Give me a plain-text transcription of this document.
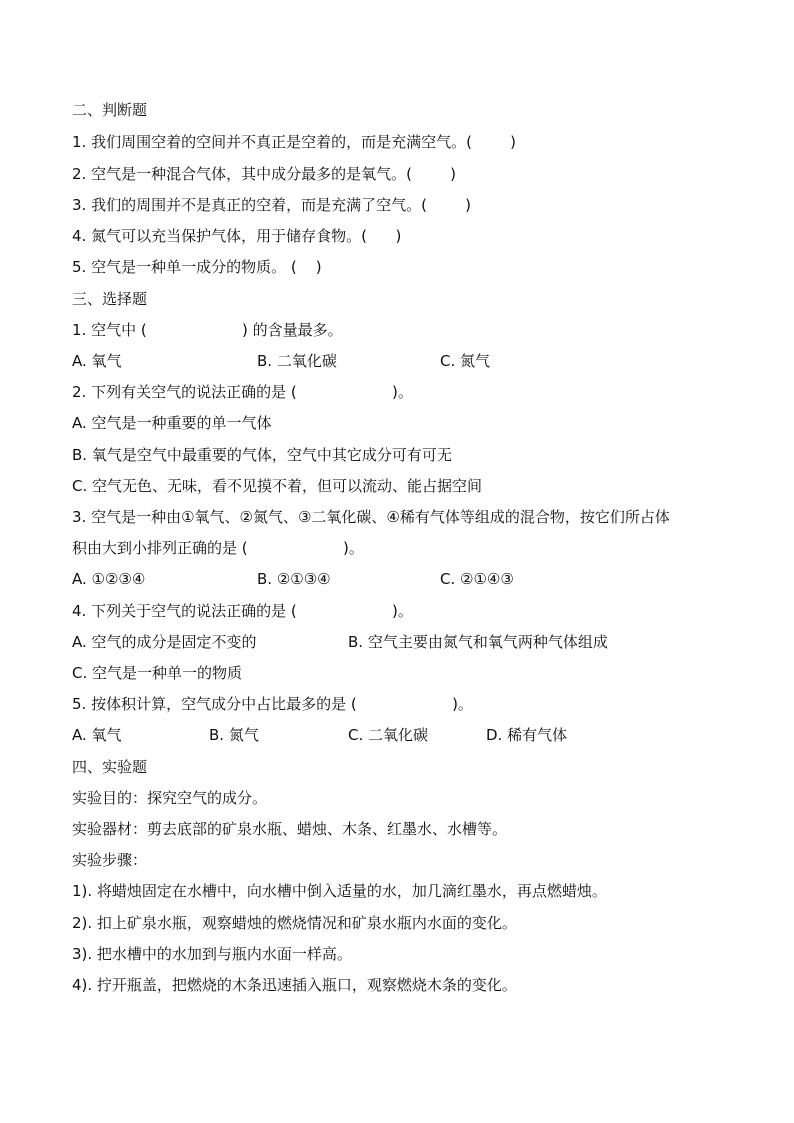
二、判断题
1. 我们周围空着的空间并不真正是空着的，而是充满空气。(        )
2. 空气是一种混合气体，其中成分最多的是氧气。(        )
3. 我们的周围并不是真正的空着，而是充满了空气。(        )
4. 氮气可以充当保护气体，用于储存食物。(      )
5. 空气是一种单一成分的物质。 (    )
三、选择题
1. 空气中 (                    ) 的含量最多。
A. 氧气	B. 二氧化碳	C. 氮气
2. 下列有关空气的说法正确的是 (                    )。
A. 空气是一种重要的单一气体
B. 氧气是空气中最重要的气体，空气中其它成分可有可无
C. 空气无色、无味，看不见摸不着，但可以流动、能占据空间
3. 空气是一种由①氧气、②氮气、③二氧化碳、④稀有气体等组成的混合物，按它们所占体
积由大到小排列正确的是 (                    )。
A. ①②③④	B. ②①③④	C. ②①④③
4. 下列关于空气的说法正确的是 (                    )。
A. 空气的成分是固定不变的	B. 空气主要由氮气和氧气两种气体组成
C. 空气是一种单一的物质
5. 按体积计算，空气成分中占比最多的是 (                    )。
A. 氧气	B. 氮气	C. 二氧化碳	D. 稀有气体
四、实验题
实验目的：探究空气的成分。
实验器材：剪去底部的矿泉水瓶、蜡烛、木条、红墨水、水槽等。
实验步骤：
1). 将蜡烛固定在水槽中，向水槽中倒入适量的水，加几滴红墨水，再点燃蜡烛。
2). 扣上矿泉水瓶，观察蜡烛的燃烧情况和矿泉水瓶内水面的变化。
3). 把水槽中的水加到与瓶内水面一样高。
4). 拧开瓶盖，把燃烧的木条迅速插入瓶口，观察燃烧木条的变化。
